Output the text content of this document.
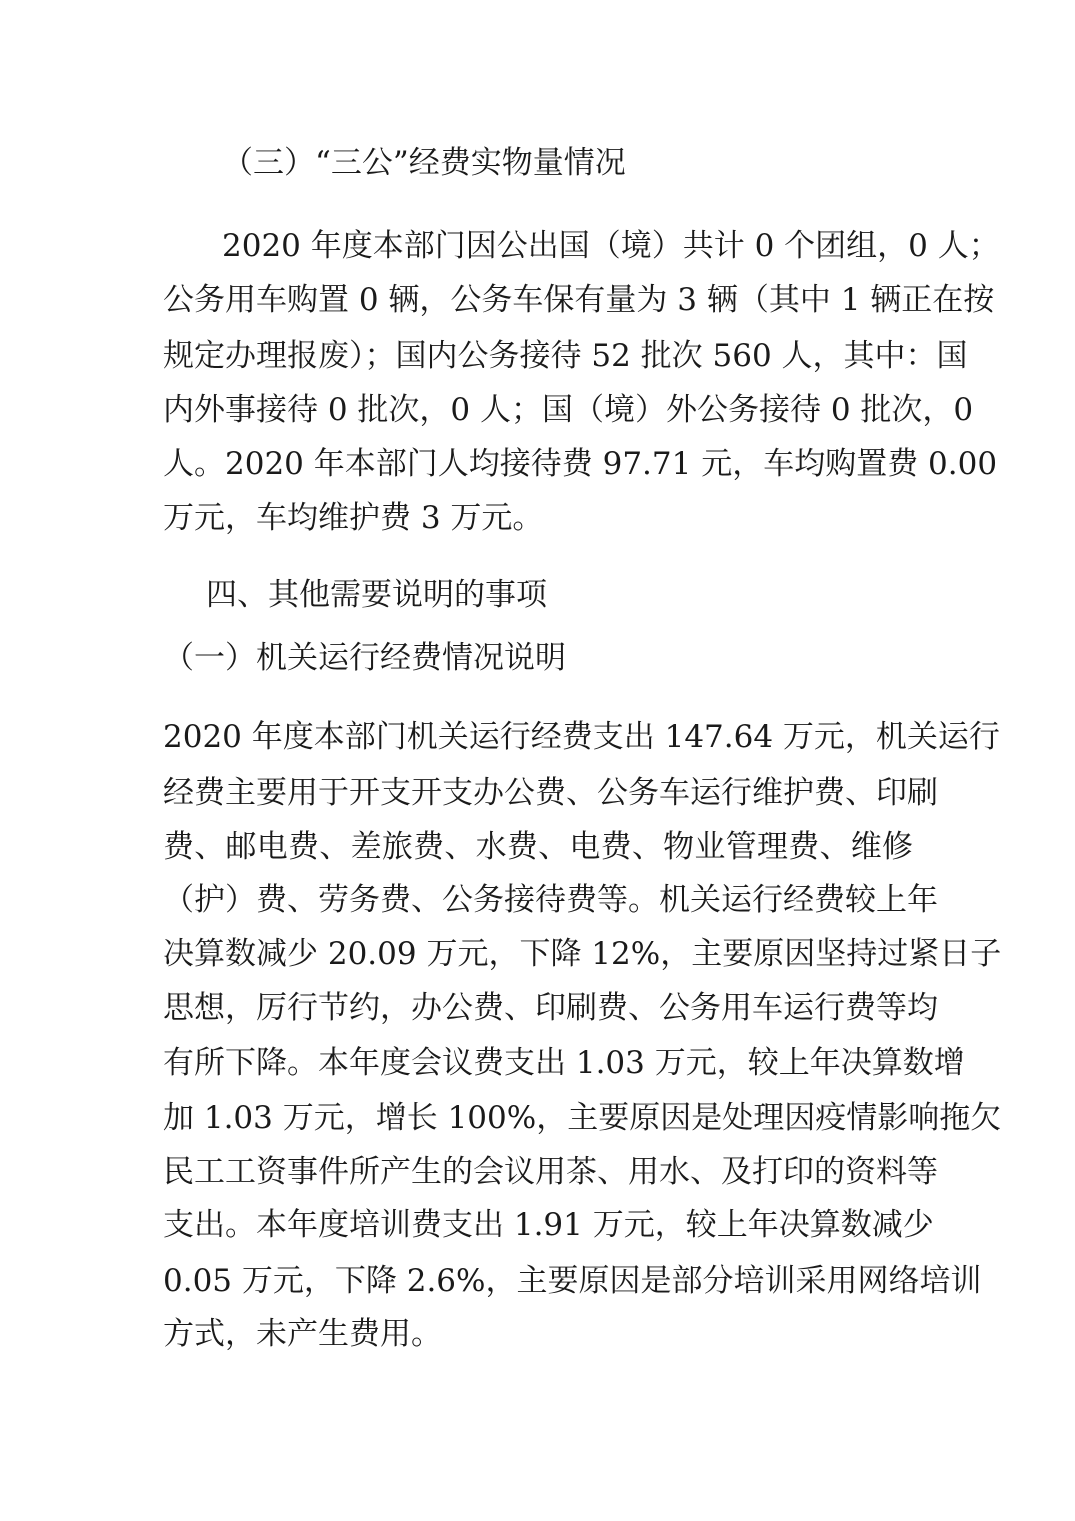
（三）“三公”经费实物量情况
2020 年度本部门因公出国（境）共计 0 个团组，0 人；
公务用车购置 0 辆，公务车保有量为 3 辆（其中 1 辆正在按
规定办理报废）；国内公务接待 52 批次 560 人，其中：国
内外事接待 0 批次，0 人；国（境）外公务接待 0 批次，0
人。2020 年本部门人均接待费 97.71 元，车均购置费 0.00
万元，车均维护费 3 万元。
四、其他需要说明的事项
（一）机关运行经费情况说明
2020 年度本部门机关运行经费支出 147.64 万元，机关运行
经费主要用于开支开支办公费、公务车运行维护费、印刷
费、邮电费、差旅费、水费、电费、物业管理费、维修
（护）费、劳务费、公务接待费等。机关运行经费较上年
决算数减少 20.09 万元，下降 12%，主要原因坚持过紧日子
思想，厉行节约，办公费、印刷费、公务用车运行费等均
有所下降。本年度会议费支出 1.03 万元，较上年决算数增
加 1.03 万元，增长 100%，主要原因是处理因疫情影响拖欠
民工工资事件所产生的会议用茶、用水、及打印的资料等
支出。本年度培训费支出 1.91 万元，较上年决算数减少
0.05 万元，下降 2.6%，主要原因是部分培训采用网络培训
方式，未产生费用。
